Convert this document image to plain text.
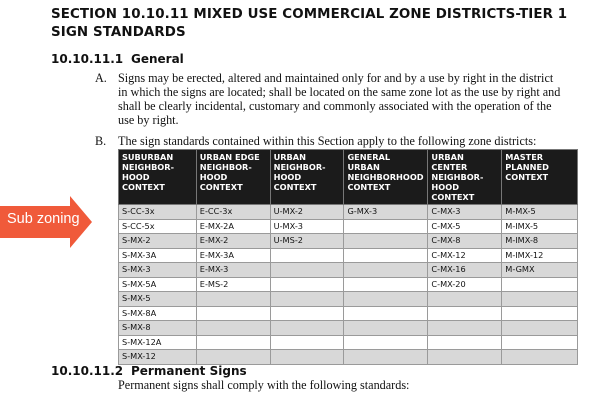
SECTION 10.10.11 MIXED USE COMMERCIAL ZONE DISTRICTS-TIER 1 SIGN STANDARDS
10.10.11.1 General
A. Signs may be erected, altered and maintained only for and by a use by right in the district in which the signs are located; shall be located on the same zone lot as the use by right and shall be clearly incidental, customary and commonly associated with the operation of the use by right.
B. The sign standards contained within this Section apply to the following zone districts:
SUBURBAN NEIGHBOR-HOOD CONTEXT	URBAN EDGE NEIGHBOR-HOOD CONTEXT	URBAN NEIGHBOR-HOOD CONTEXT	GENERAL URBAN NEIGHBORHOOD CONTEXT	URBAN CENTER NEIGHBOR-HOOD CONTEXT	MASTER PLANNED CONTEXT
S-CC-3x	E-CC-3x	U-MX-2	G-MX-3	C-MX-3	M-MX-5
S-CC-5x	E-MX-2A	U-MX-3		C-MX-5	M-IMX-5
S-MX-2	E-MX-2	U-MS-2		C-MX-8	M-IMX-8
S-MX-3A	E-MX-3A			C-MX-12	M-IMX-12
S-MX-3	E-MX-3			C-MX-16	M-GMX
S-MX-5A	E-MS-2			C-MX-20	
S-MX-5					
S-MX-8A					
S-MX-8					
S-MX-12A					
S-MX-12					
Sub zoning
10.10.11.2 Permanent Signs
Permanent signs shall comply with the following standards:
